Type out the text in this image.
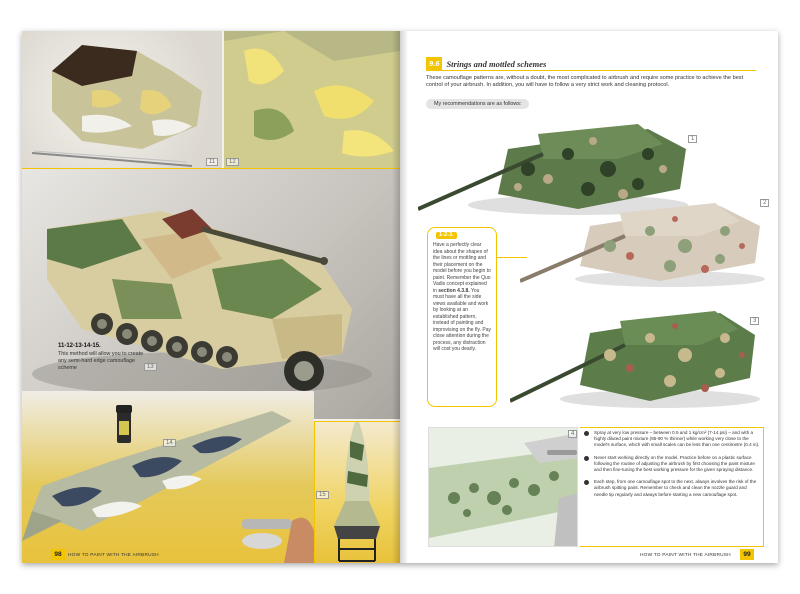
11	12
13
11-12-13-14-15.
This method will allow you to create any semi-hard edge camouflage scheme
14
15
98	HOW TO PAINT WITH THE AIRBRUSH
9.6 Strings and mottled schemes

These camouflage patterns are, without a doubt, the most complicated to airbrush and require some practice to achieve the best control of your airbrush. In addition, you will have to follow a very strict work and cleaning protocol.

My recommendations are as follows:
1
2
3
1-2-3.
Have a perfectly clear idea about the shapes of the lines or mottling and their placement on the model before you begin to paint. Remember the Quo Vadis concept explained in section 4.3.8. You must have all the side views available and work by looking at an established pattern, instead of painting and improvising on the fly. Pay close attention during the process, any distraction will cost you dearly.
4	Spray at very low pressure – between 0.5 and 1 kg/cm² (7-14 psi) – and with a highly diluted paint mixture (85-90 % thinner) while working very close to the model's surface, which with small scales can be less than one centimetre (0.4 in).
Never start working directly on the model. Practice before on a plastic surface following the routine of adjusting the airbrush by first choosing the paint mixture and then fine-tuning the best working pressure for the given spraying distance.
Each step, from one camouflage spot to the next, always involves the risk of the airbrush spitting paint. Remember to check and clean the nozzle guard and needle tip regularly and always before starting a new camouflage spot.
HOW TO PAINT WITH THE AIRBRUSH	99
